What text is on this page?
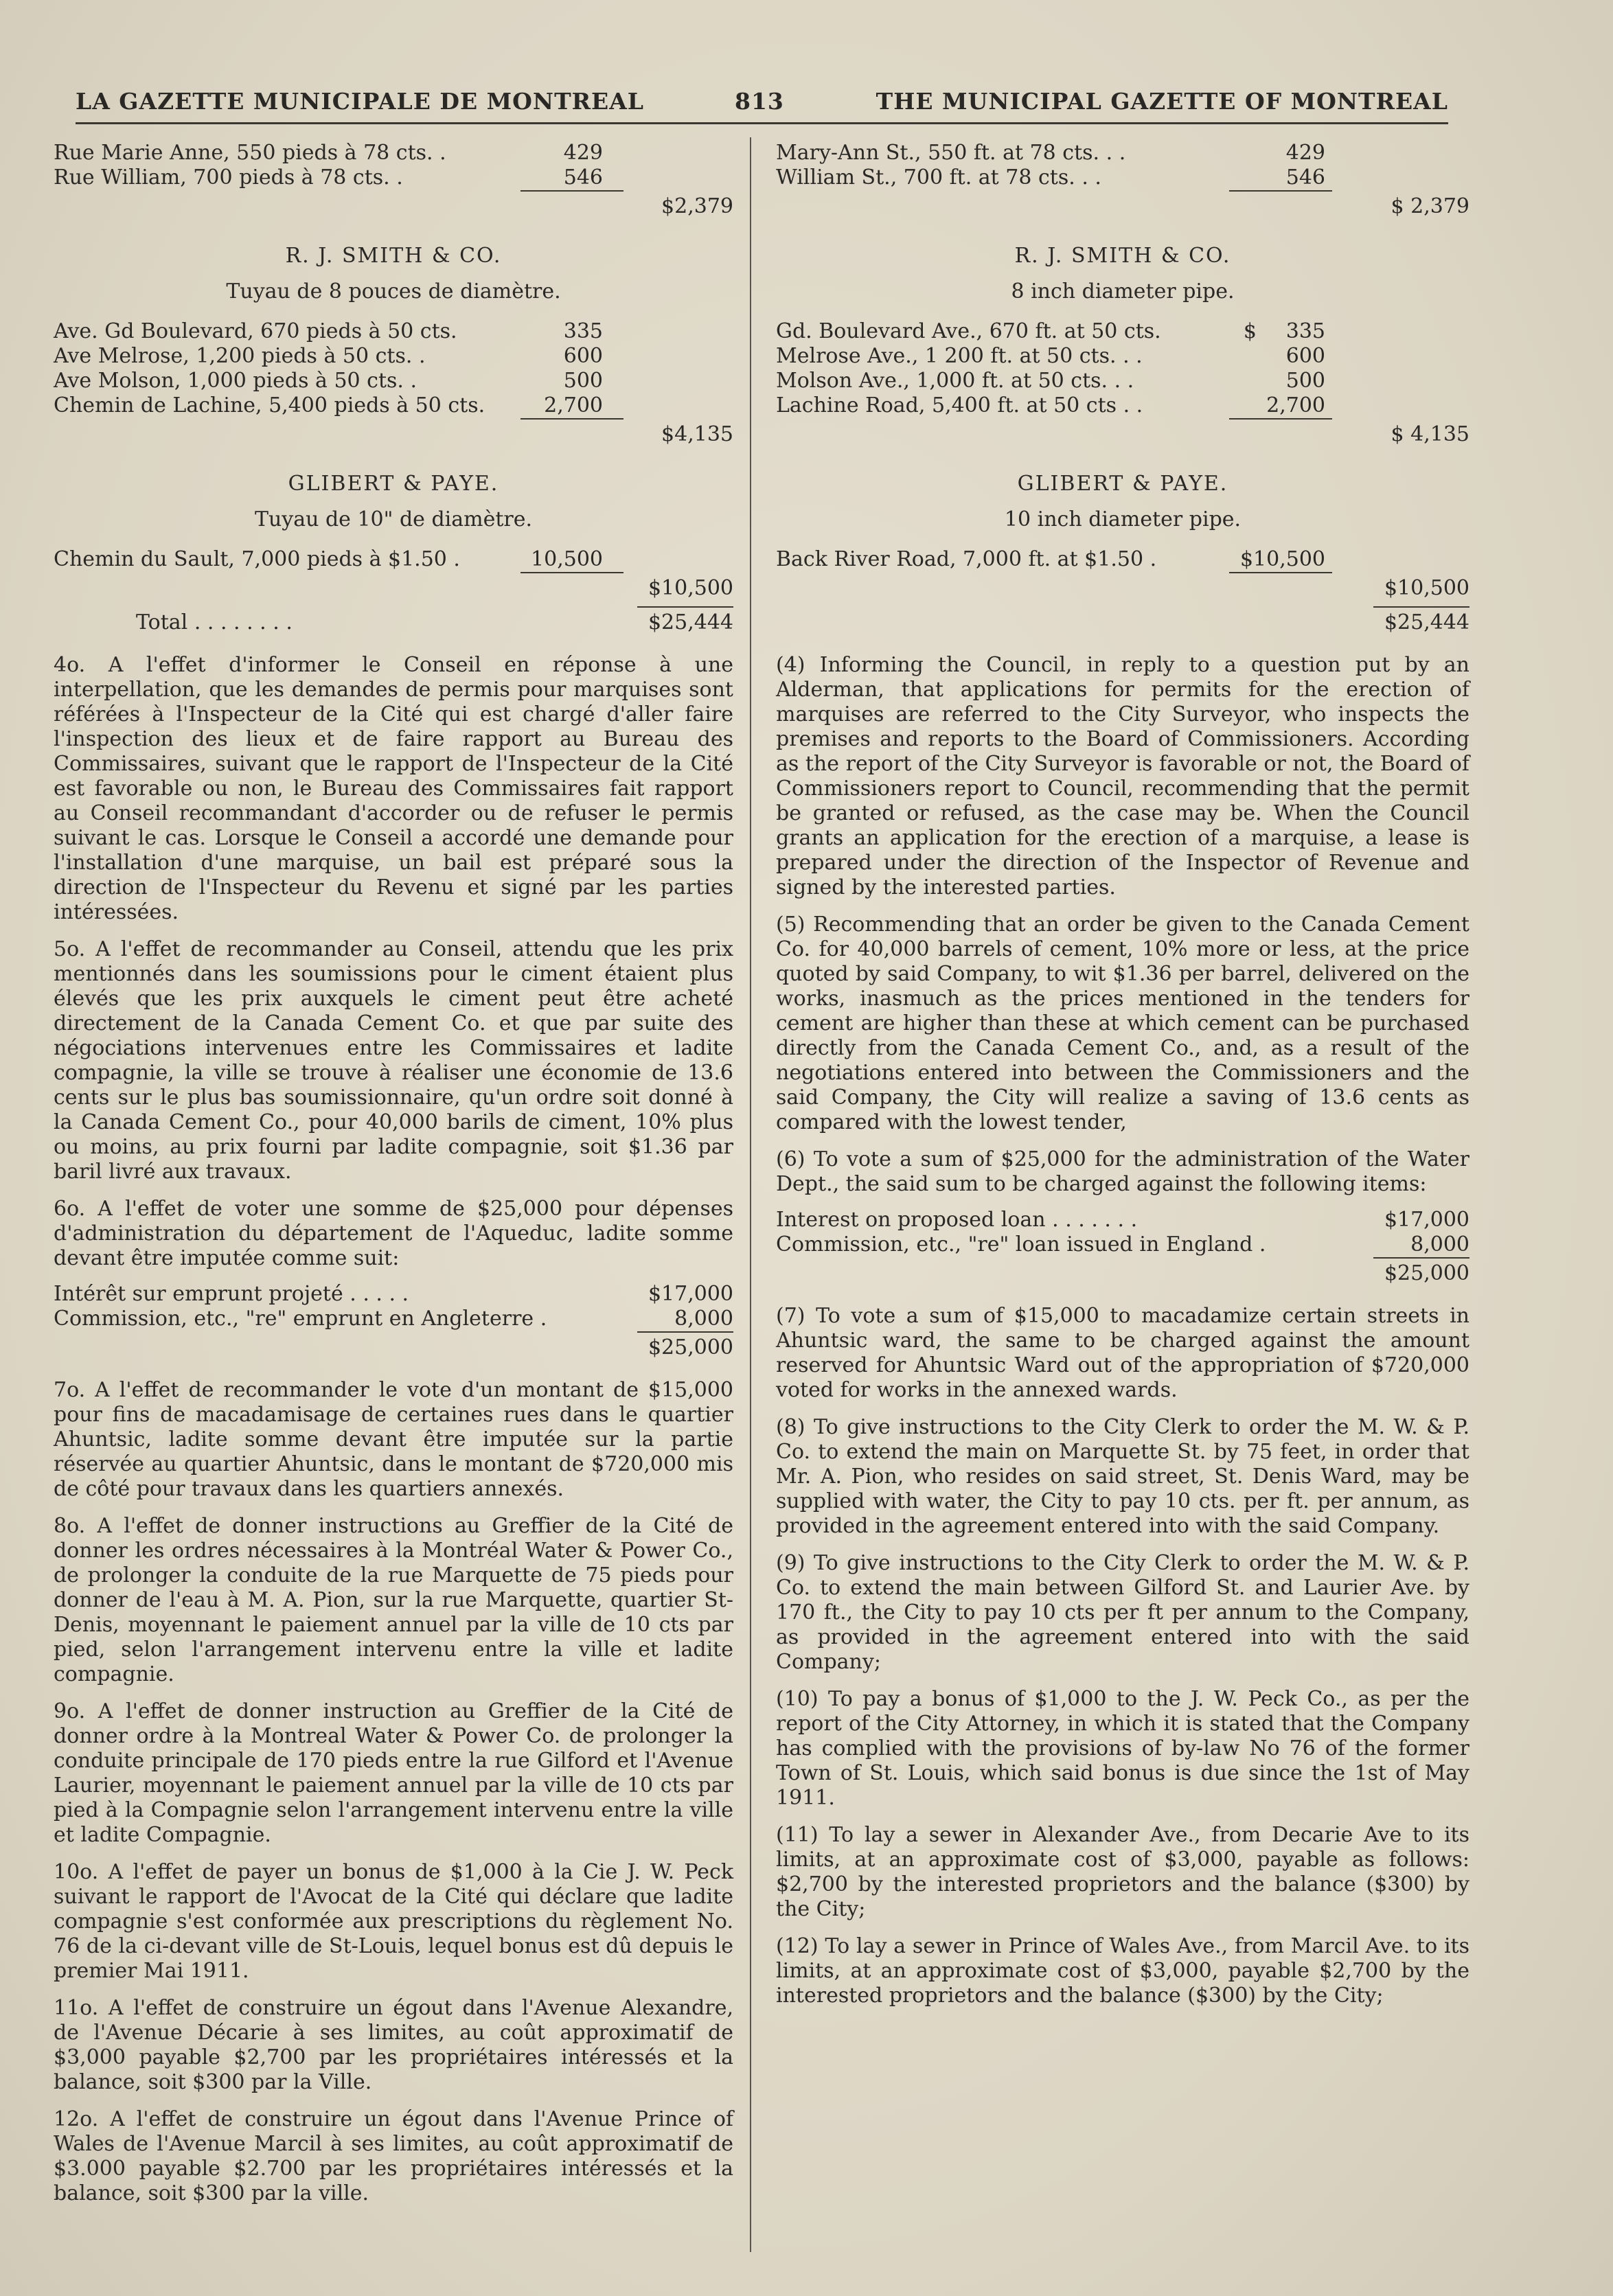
LA GAZETTE MUNICIPALE DE MONTREAL	813	THE MUNICIPAL GAZETTE OF MONTREAL
Rue Marie Anne, 550 pieds à 78 cts. .	429
Rue William, 700 pieds à 78 cts. .	546
$2,379
R. J. SMITH & CO.
Tuyau de 8 pouces de diamètre.
Ave. Gd Boulevard, 670 pieds à 50 cts.	335
Ave Melrose, 1,200 pieds à 50 cts. .	600
Ave Molson, 1,000 pieds à 50 cts. .	500
Chemin de Lachine, 5,400 pieds à 50 cts.	2,700
$4,135
GLIBERT & PAYE.
Tuyau de 10" de diamètre.
Chemin du Sault, 7,000 pieds à $1.50 .	10,500
$10,500
Total . . . . . . . .	$25,444

4o. A l'effet d'informer le Conseil en réponse à une interpellation, que les demandes de permis pour marquises sont référées à l'Inspecteur de la Cité qui est chargé d'aller faire l'inspection des lieux et de faire rapport au Bureau des Commissaires, suivant que le rapport de l'Inspecteur de la Cité est favorable ou non, le Bureau des Commissaires fait rapport au Conseil recommandant d'accorder ou de refuser le permis suivant le cas. Lorsque le Conseil a accordé une demande pour l'installation d'une marquise, un bail est préparé sous la direction de l'Inspecteur du Revenu et signé par les parties intéressées.

5o. A l'effet de recommander au Conseil, attendu que les prix mentionnés dans les soumissions pour le ciment étaient plus élevés que les prix auxquels le ciment peut être acheté directement de la Canada Cement Co. et que par suite des négociations intervenues entre les Commissaires et ladite compagnie, la ville se trouve à réaliser une économie de 13.6 cents sur le plus bas soumissionnaire, qu'un ordre soit donné à la Canada Cement Co., pour 40,000 barils de ciment, 10% plus ou moins, au prix fourni par ladite compagnie, soit $1.36 par baril livré aux travaux.

6o. A l'effet de voter une somme de $25,000 pour dépenses d'administration du département de l'Aqueduc, ladite somme devant être imputée comme suit:

Intérêt sur emprunt projeté . . . . .	$17,000
Commission, etc., "re" emprunt en Angleterre .	8,000
$25,000

7o. A l'effet de recommander le vote d'un montant de $15,000 pour fins de macadamisage de certaines rues dans le quartier Ahuntsic, ladite somme devant être imputée sur la partie réservée au quartier Ahuntsic, dans le montant de $720,000 mis de côté pour travaux dans les quartiers annexés.

8o. A l'effet de donner instructions au Greffier de la Cité de donner les ordres nécessaires à la Montréal Water & Power Co., de prolonger la conduite de la rue Marquette de 75 pieds pour donner de l'eau à M. A. Pion, sur la rue Marquette, quartier St-Denis, moyennant le paiement annuel par la ville de 10 cts par pied, selon l'arrangement intervenu entre la ville et ladite compagnie.

9o. A l'effet de donner instruction au Greffier de la Cité de donner ordre à la Montreal Water & Power Co. de prolonger la conduite principale de 170 pieds entre la rue Gilford et l'Avenue Laurier, moyennant le paiement annuel par la ville de 10 cts par pied à la Compagnie selon l'arrangement intervenu entre la ville et ladite Compagnie.

10o. A l'effet de payer un bonus de $1,000 à la Cie J. W. Peck suivant le rapport de l'Avocat de la Cité qui déclare que ladite compagnie s'est conformée aux prescriptions du règlement No. 76 de la ci-devant ville de St-Louis, lequel bonus est dû depuis le premier Mai 1911.

11o. A l'effet de construire un égout dans l'Avenue Alexandre, de l'Avenue Décarie à ses limites, au coût approximatif de $3,000 payable $2,700 par les propriétaires intéressés et la balance, soit $300 par la Ville.

12o. A l'effet de construire un égout dans l'Avenue Prince of Wales de l'Avenue Marcil à ses limites, au coût approximatif de $3.000 payable $2.700 par les propriétaires intéressés et la balance, soit $300 par la ville.

Mary-Ann St., 550 ft. at 78 cts. . .	429
William St., 700 ft. at 78 cts. . .	546
$ 2,379
R. J. SMITH & CO.
8 inch diameter pipe.
Gd. Boulevard Ave., 670 ft. at 50 cts.	$ 335
Melrose Ave., 1 200 ft. at 50 cts. . .	600
Molson Ave., 1,000 ft. at 50 cts. . .	500
Lachine Road, 5,400 ft. at 50 cts . .	2,700
$ 4,135
GLIBERT & PAYE.
10 inch diameter pipe.
Back River Road, 7,000 ft. at $1.50 .	$10,500
$10,500
$25,444

(4) Informing the Council, in reply to a question put by an Alderman, that applications for permits for the erection of marquises are referred to the City Surveyor, who inspects the premises and reports to the Board of Commissioners. According as the report of the City Surveyor is favorable or not, the Board of Commissioners report to Council, recommending that the permit be granted or refused, as the case may be. When the Council grants an application for the erection of a marquise, a lease is prepared under the direction of the Inspector of Revenue and signed by the interested parties.

(5) Recommending that an order be given to the Canada Cement Co. for 40,000 barrels of cement, 10% more or less, at the price quoted by said Company, to wit $1.36 per barrel, delivered on the works, inasmuch as the prices mentioned in the tenders for cement are higher than these at which cement can be purchased directly from the Canada Cement Co., and, as a result of the negotiations entered into between the Commissioners and the said Company, the City will realize a saving of 13.6 cents as compared with the lowest tender,

(6) To vote a sum of $25,000 for the administration of the Water Dept., the said sum to be charged against the following items:

Interest on proposed loan . . . . . . .	$17,000
Commission, etc., "re" loan issued in England .	8,000
$25,000

(7) To vote a sum of $15,000 to macadamize certain streets in Ahuntsic ward, the same to be charged against the amount reserved for Ahuntsic Ward out of the appropriation of $720,000 voted for works in the annexed wards.

(8) To give instructions to the City Clerk to order the M. W. & P. Co. to extend the main on Marquette St. by 75 feet, in order that Mr. A. Pion, who resides on said street, St. Denis Ward, may be supplied with water, the City to pay 10 cts. per ft. per annum, as provided in the agreement entered into with the said Company.

(9) To give instructions to the City Clerk to order the M. W. & P. Co. to extend the main between Gilford St. and Laurier Ave. by 170 ft., the City to pay 10 cts per ft per annum to the Company, as provided in the agreement entered into with the said Company;

(10) To pay a bonus of $1,000 to the J. W. Peck Co., as per the report of the City Attorney, in which it is stated that the Company has complied with the provisions of by-law No 76 of the former Town of St. Louis, which said bonus is due since the 1st of May 1911.

(11) To lay a sewer in Alexander Ave., from Decarie Ave to its limits, at an approximate cost of $3,000, payable as follows: $2,700 by the interested proprietors and the balance ($300) by the City;

(12) To lay a sewer in Prince of Wales Ave., from Marcil Ave. to its limits, at an approximate cost of $3,000, payable $2,700 by the interested proprietors and the balance ($300) by the City;
